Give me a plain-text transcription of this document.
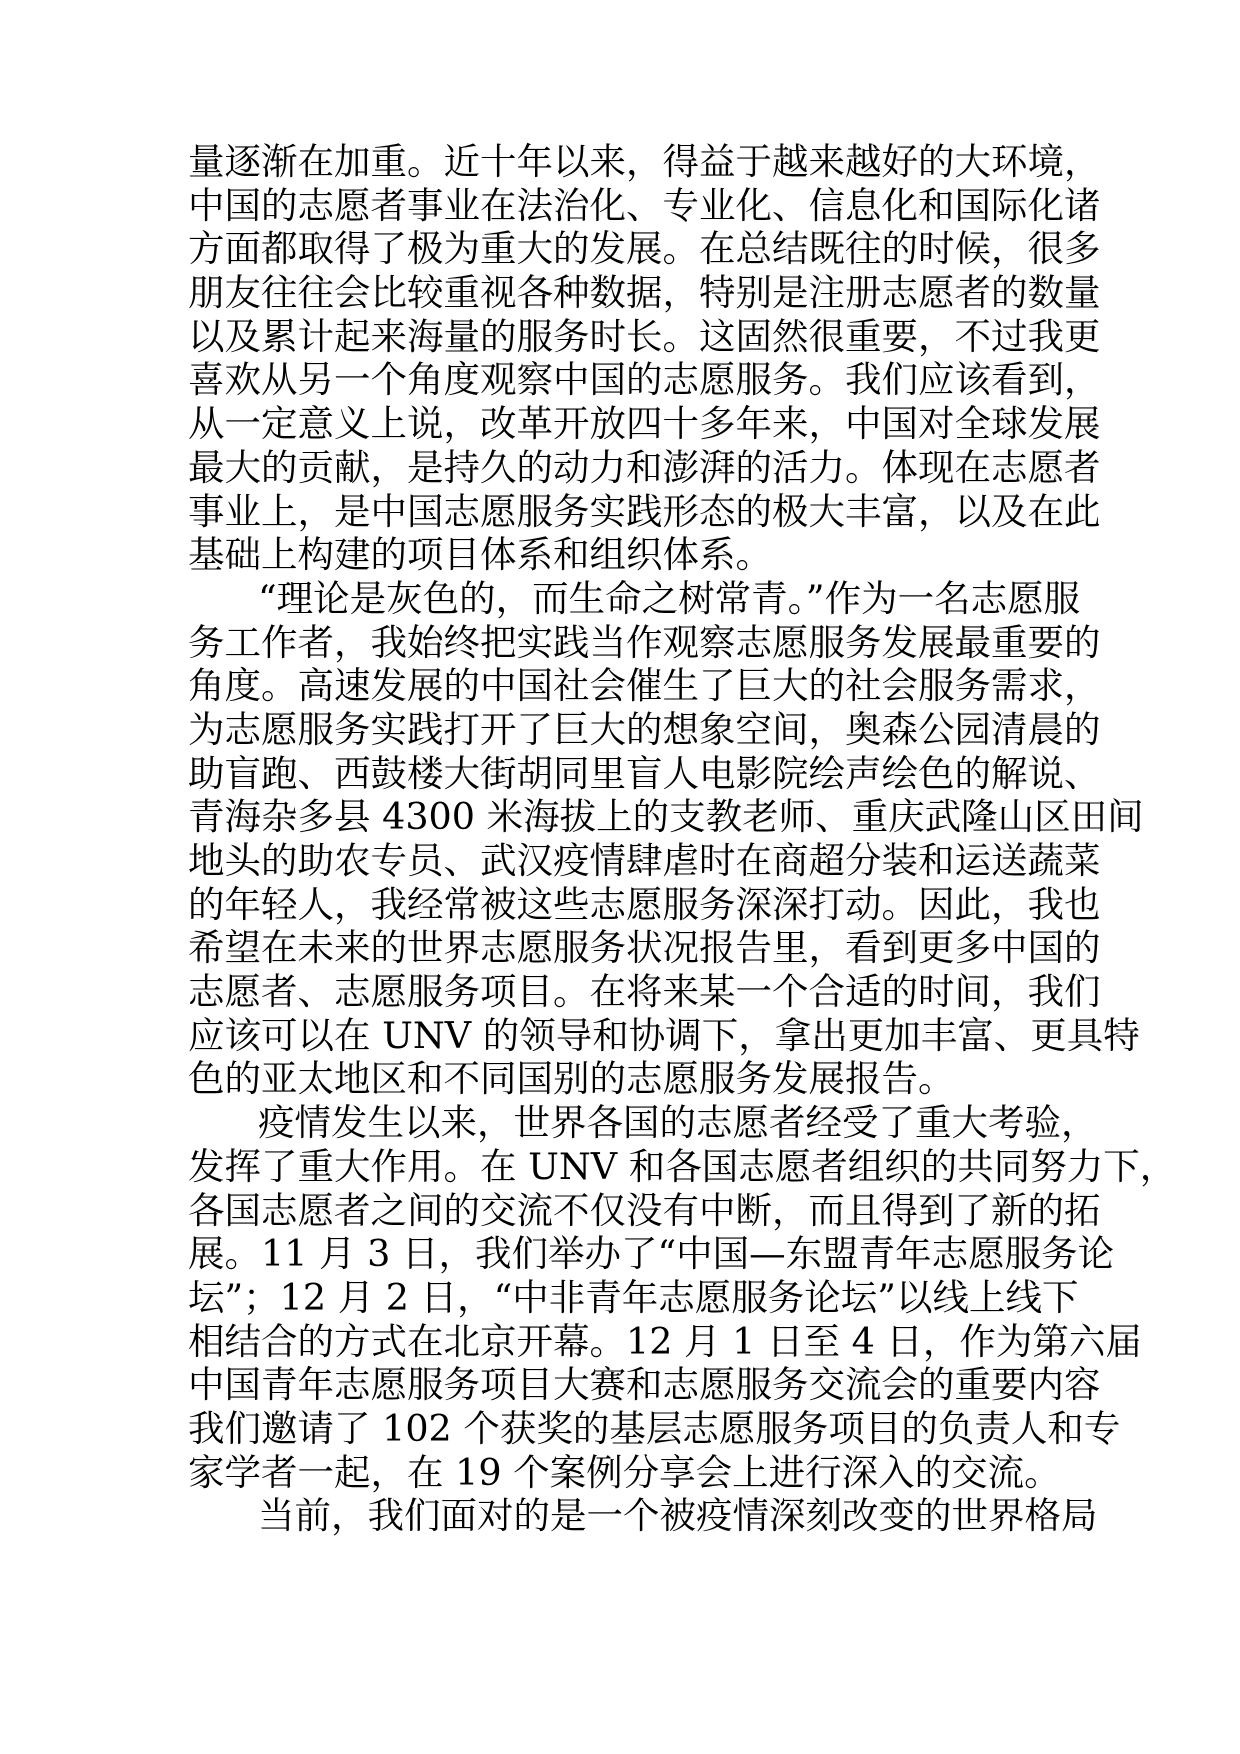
量逐渐在加重。近十年以来，得益于越来越好的大环境，
中国的志愿者事业在法治化、专业化、信息化和国际化诸
方面都取得了极为重大的发展。在总结既往的时候，很多
朋友往往会比较重视各种数据，特别是注册志愿者的数量
以及累计起来海量的服务时长。这固然很重要，不过我更
喜欢从另一个角度观察中国的志愿服务。我们应该看到，
从一定意义上说，改革开放四十多年来，中国对全球发展
最大的贡献，是持久的动力和澎湃的活力。体现在志愿者
事业上，是中国志愿服务实践形态的极大丰富，以及在此
基础上构建的项目体系和组织体系。
“理论是灰色的，而生命之树常青。”作为一名志愿服
务工作者，我始终把实践当作观察志愿服务发展最重要的
角度。高速发展的中国社会催生了巨大的社会服务需求，
为志愿服务实践打开了巨大的想象空间，奥森公园清晨的
助盲跑、西鼓楼大街胡同里盲人电影院绘声绘色的解说、
青海杂多县 4300 米海拔上的支教老师、重庆武隆山区田间
地头的助农专员、武汉疫情肆虐时在商超分装和运送蔬菜
的年轻人，我经常被这些志愿服务深深打动。因此，我也
希望在未来的世界志愿服务状况报告里，看到更多中国的
志愿者、志愿服务项目。在将来某一个合适的时间，我们
应该可以在 UNV 的领导和协调下，拿出更加丰富、更具特
色的亚太地区和不同国别的志愿服务发展报告。
疫情发生以来，世界各国的志愿者经受了重大考验，
发挥了重大作用。在 UNV 和各国志愿者组织的共同努力下，
各国志愿者之间的交流不仅没有中断，而且得到了新的拓
展。11 月 3 日，我们举办了“中国—东盟青年志愿服务论
坛”；12 月 2 日，“中非青年志愿服务论坛”以线上线下
相结合的方式在北京开幕。12 月 1 日至 4 日，作为第六届
中国青年志愿服务项目大赛和志愿服务交流会的重要内容
我们邀请了 102 个获奖的基层志愿服务项目的负责人和专
家学者一起，在 19 个案例分享会上进行深入的交流。
当前，我们面对的是一个被疫情深刻改变的世界格局
